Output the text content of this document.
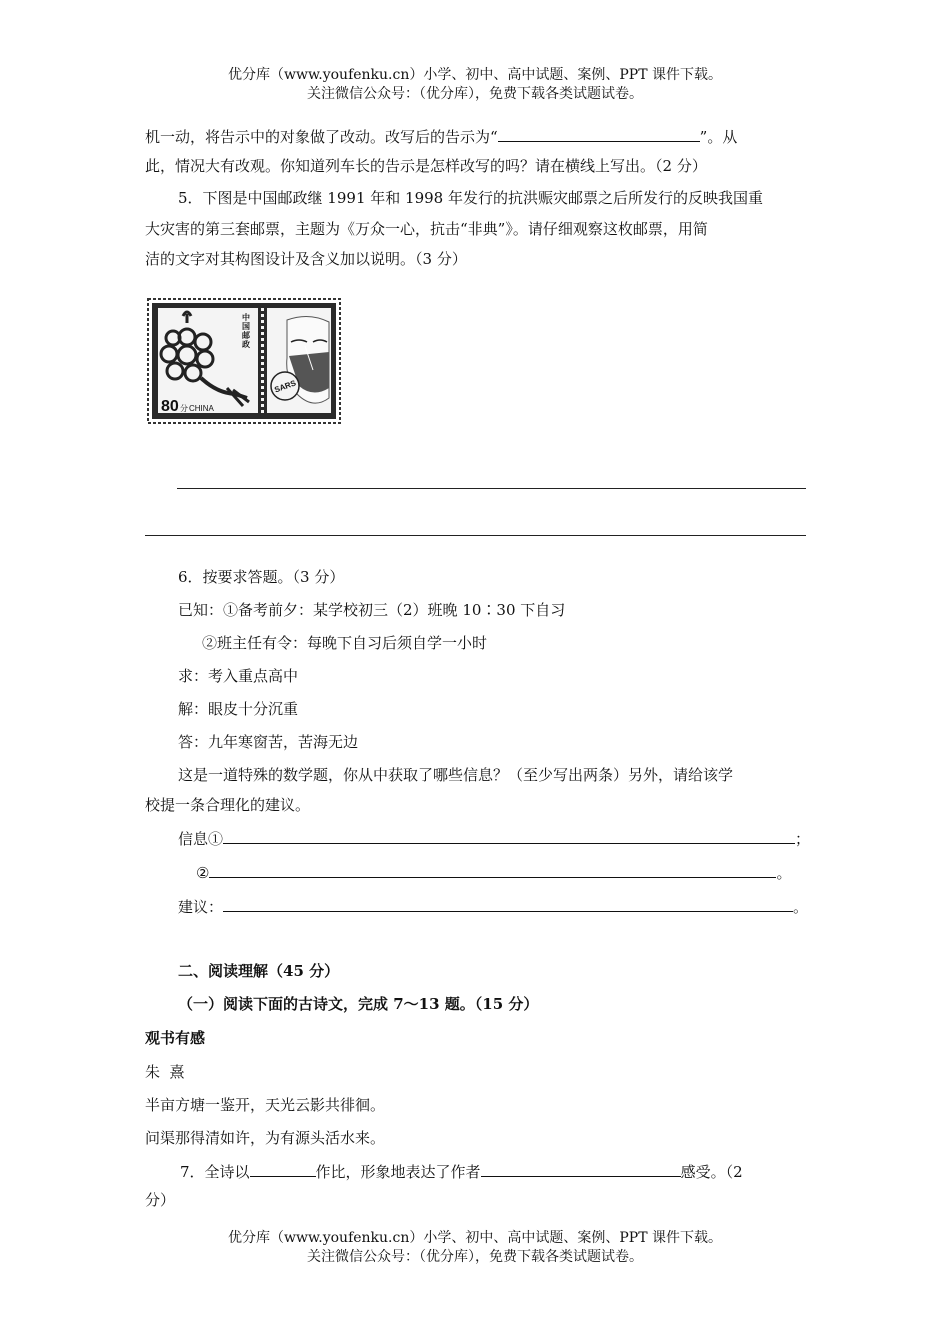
优分库（www.youfenku.cn）小学、初中、高中试题、案例、PPT 课件下载。
关注微信公众号：（优分库），免费下载各类试题试卷。
机一动，将告示中的对象做了改动。改写后的告示为“	”。从
此，情况大有改观。你知道列车长的告示是怎样改写的吗？请在横线上写出。（2 分）
5．下图是中国邮政继 1991 年和 1998 年发行的抗洪赈灾邮票之后所发行的反映我国重
大灾害的第三套邮票，主题为《万众一心，抗击“非典”》。请仔细观察这枚邮票，用简
洁的文字对其构图设计及含义加以说明。（3 分）
中
国
邮
政
80 分 CHINA
SARS
6．按要求答题。（3 分）
已知：①备考前夕：某学校初三（2）班晚 10∶30 下自习
②班主任有令：每晚下自习后须自学一小时
求：考入重点高中
解：眼皮十分沉重
答：九年寒窗苦，苦海无边
这是一道特殊的数学题，你从中获取了哪些信息？（至少写出两条）另外，请给该学
校提一条合理化的建议。
信息①	；
②	。
建议：	。
二、阅读理解（45 分）
（一）阅读下面的古诗文，完成 7～13 题。（15 分）
观书有感
朱  熹
半亩方塘一鉴开，天光云影共徘徊。
问渠那得清如许，为有源头活水来。
7．全诗以	作比，形象地表达了作者	感受。（2
分）
优分库（www.youfenku.cn）小学、初中、高中试题、案例、PPT 课件下载。
关注微信公众号：（优分库），免费下载各类试题试卷。
